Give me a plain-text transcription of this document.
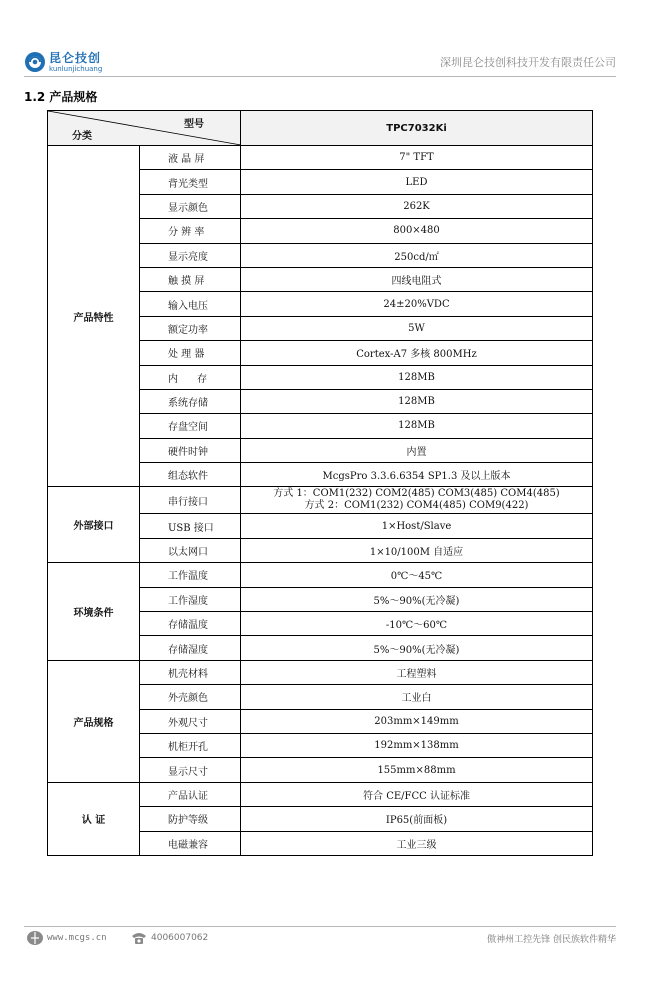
昆仑技创
kunlunjichuang	深圳昆仑技创科技开发有限责任公司
1.2 产品规格
型号
分类		TPC7032Ki
产品特性	液 晶 屏	7" TFT
	背光类型	LED
	显示颜色	262K
	分 辨 率	800×480
	显示亮度	250cd/㎡
	触 摸 屏	四线电阻式
	输入电压	24±20%VDC
	额定功率	5W
	处 理 器	Cortex-A7 多核 800MHz
	内      存	128MB
	系统存储	128MB
	存盘空间	128MB
	硬件时钟	内置
	组态软件	McgsPro 3.3.6.6354 SP1.3 及以上版本
外部接口	串行接口	方式 1：COM1(232) COM2(485) COM3(485) COM4(485)
方式 2：COM1(232) COM4(485) COM9(422)

	USB 接口	1×Host/Slave
	以太网口	1×10/100M 自适应
环境条件	工作温度	0℃～45℃
	工作湿度	5%～90%(无冷凝)
	存储温度	-10℃～60℃
	存储湿度	5%～90%(无冷凝)
产品规格	机壳材料	工程塑料
	外壳颜色	工业白
	外观尺寸	203mm×149mm
	机柜开孔	192mm×138mm
	显示尺寸	155mm×88mm
认 证	产品认证	符合 CE/FCC 认证标准
	防护等级	IP65(前面板)
	电磁兼容	工业三级
www.mcgs.cn	4006007062	傲神州工控先锋 创民族软件精华
